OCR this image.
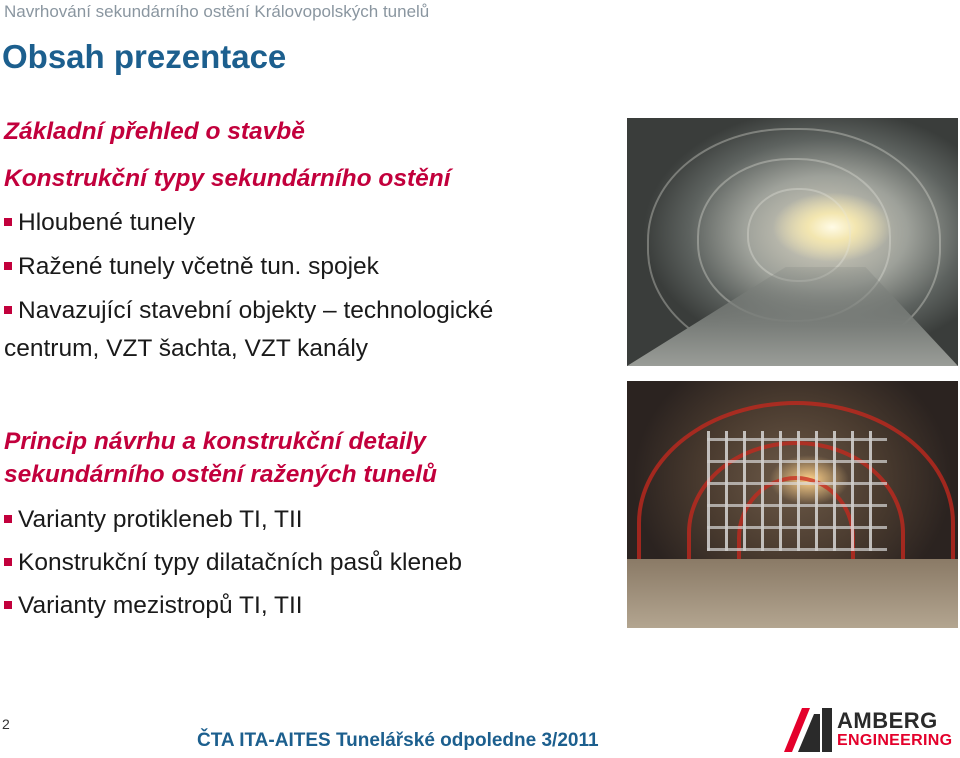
Navrhování sekundárního ostění Královopolských tunelů
Obsah prezentace
Základní přehled o stavbě
Konstrukční typy sekundárního ostění
Hloubené tunely
Ražené tunely včetně tun. spojek
Navazující stavební objekty – technologické centrum, VZT šachta, VZT kanály
Princip návrhu a konstrukční detaily sekundárního ostění ražených tunelů
Varianty protikleneb TI, TII
Konstrukční typy dilatačních pasů kleneb
Varianty mezistropů TI, TII
2
ČTA ITA-AITES Tunelářské odpoledne 3/2011
AMBERG
ENGINEERING
